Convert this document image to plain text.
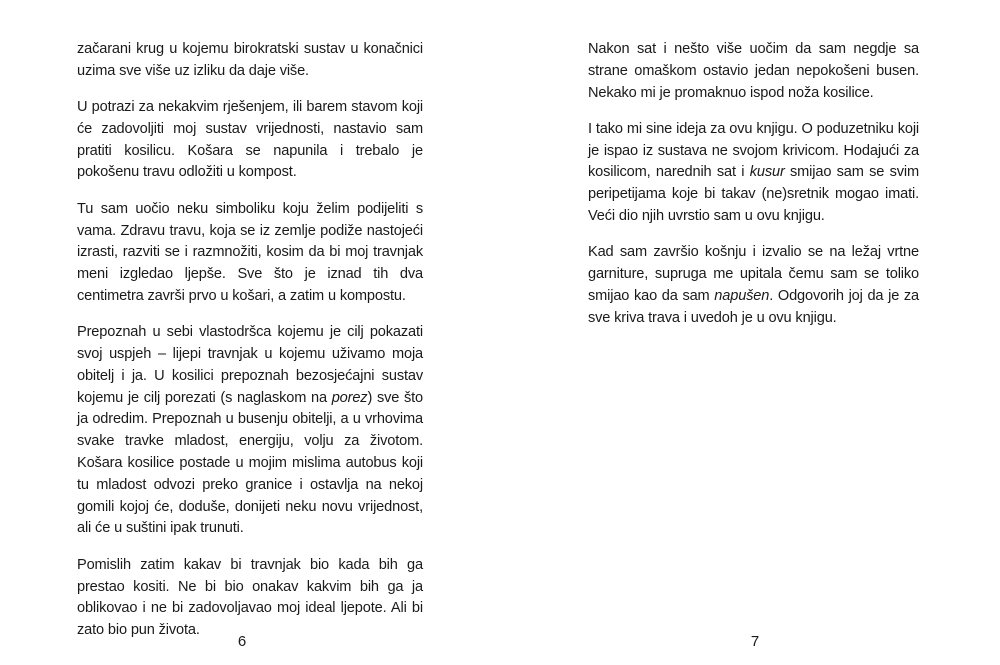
začarani krug u kojemu birokratski sustav u konačnici uzima sve više uz izliku da daje više.

U potrazi za nekakvim rješenjem, ili barem stavom koji će zadovoljiti moj sustav vrijednosti, nastavio sam pratiti kosilicu. Košara se napunila i trebalo je pokošenu travu odložiti u kompost.

Tu sam uočio neku simboliku koju želim podijeliti s vama. Zdravu travu, koja se iz zemlje podiže nastojeći izrasti, razviti se i razmnožiti, kosim da bi moj travnjak meni izgledao ljepše. Sve što je iznad tih dva centimetra završi prvo u košari, a zatim u kompostu.

Prepoznah u sebi vlastodršca kojemu je cilj pokazati svoj uspjeh – lijepi travnjak u kojemu uživamo moja obitelj i ja. U kosilici prepoznah bezosjećajni sustav kojemu je cilj porezati (s naglaskom na porez) sve što ja odredim. Prepoznah u busenju obitelji, a u vrhovima svake travke mladost, energiju, volju za životom. Košara kosilice postade u mojim mislima autobus koji tu mladost odvozi preko granice i ostavlja na nekoj gomili kojoj će, doduše, donijeti neku novu vrijednost, ali će u suštini ipak trunuti.

Pomislih zatim kakav bi travnjak bio kada bih ga prestao kositi. Ne bi bio onakav kakvim bih ga ja oblikovao i ne bi zadovoljavao moj ideal ljepote. Ali bi zato bio pun života.

6

Nakon sat i nešto više uočim da sam negdje sa strane omaškom ostavio jedan nepokošeni busen. Nekako mi je promaknuo ispod noža kosilice.

I tako mi sine ideja za ovu knjigu. O poduzetniku koji je ispao iz sustava ne svojom krivicom. Hodajući za kosilicom, narednih sat i kusur smijao sam se svim peripetijama koje bi takav (ne)sretnik mogao imati. Veći dio njih uvrstio sam u ovu knjigu.

Kad sam završio košnju i izvalio se na ležaj vrtne garniture, supruga me upitala čemu sam se toliko smijao kao da sam napušen. Odgovorih joj da je za sve kriva trava i uvedoh je u ovu knjigu.

7
